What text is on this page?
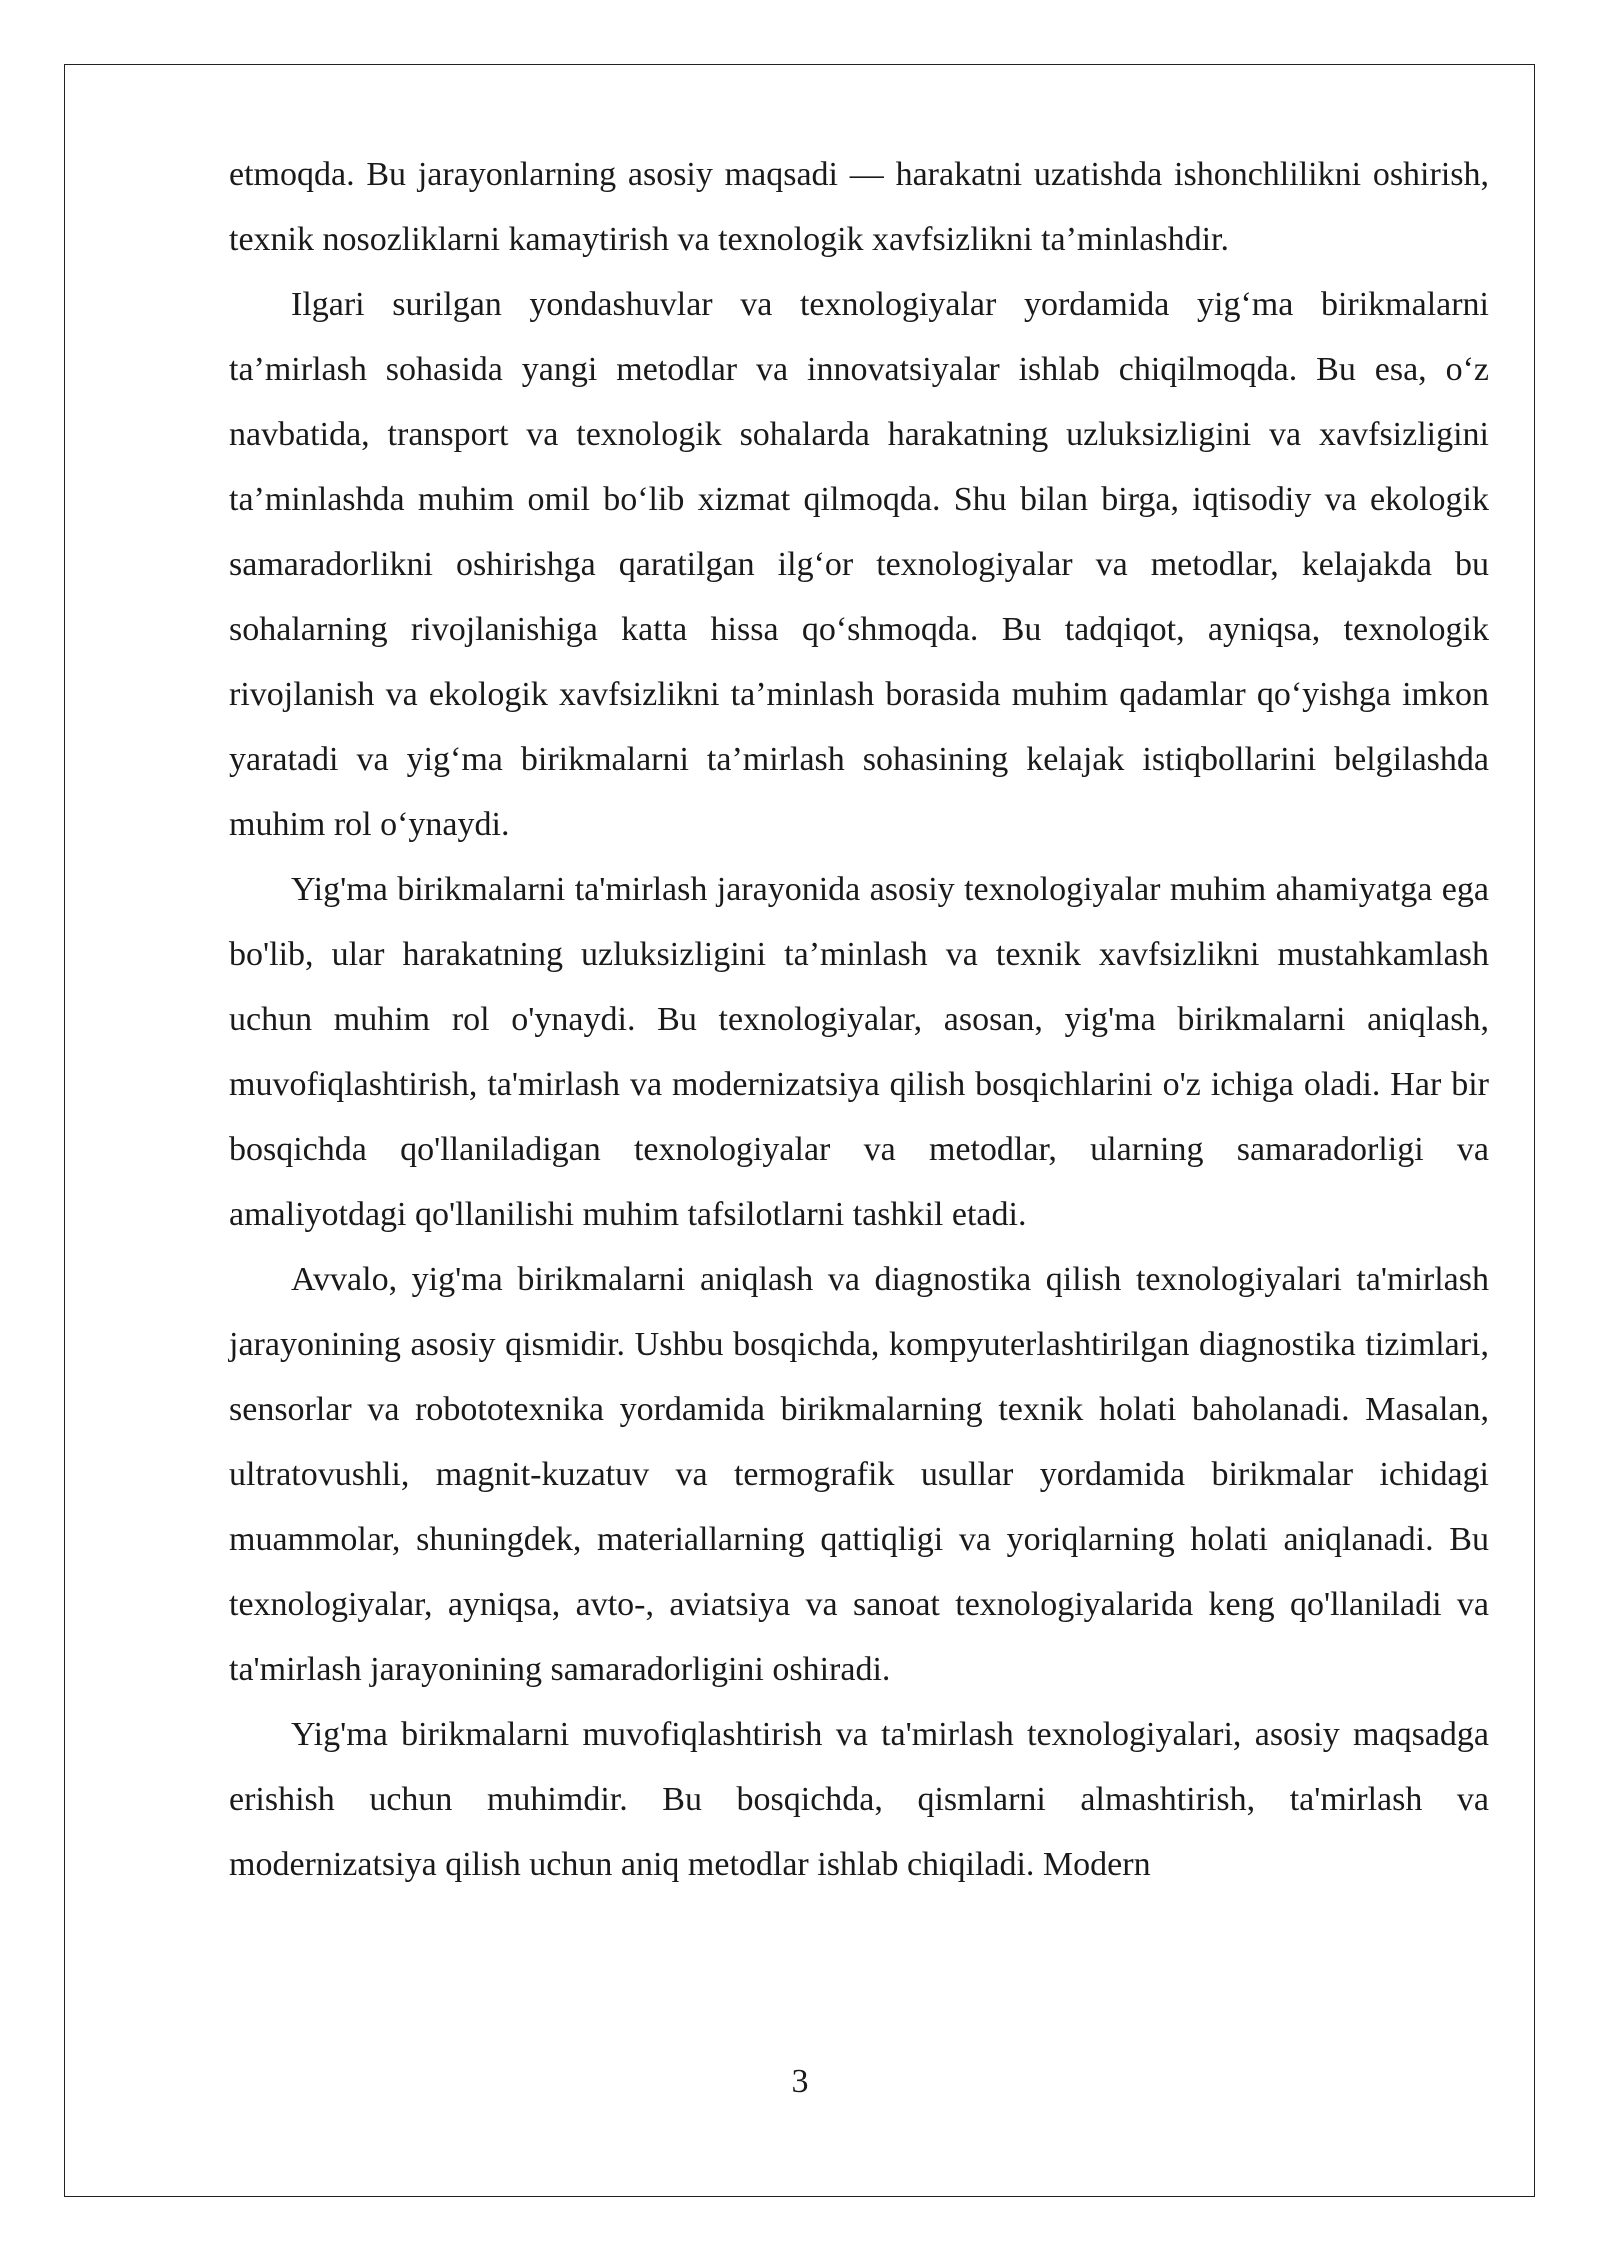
etmoqda. Bu jarayonlarning asosiy maqsadi — harakatni uzatishda ishonchlilikni oshirish, texnik nosozliklarni kamaytirish va texnologik xavfsizlikni ta’minlashdir.

Ilgari surilgan yondashuvlar va texnologiyalar yordamida yig‘ma birikmalarni ta’mirlash sohasida yangi metodlar va innovatsiyalar ishlab chiqilmoqda. Bu esa, o‘z navbatida, transport va texnologik sohalarda harakatning uzluksizligini va xavfsizligini ta’minlashda muhim omil bo‘lib xizmat qilmoqda. Shu bilan birga, iqtisodiy va ekologik samaradorlikni oshirishga qaratilgan ilg‘or texnologiyalar va metodlar, kelajakda bu sohalarning rivojlanishiga katta hissa qo‘shmoqda. Bu tadqiqot, ayniqsa, texnologik rivojlanish va ekologik xavfsizlikni ta’minlash borasida muhim qadamlar qo‘yishga imkon yaratadi va yig‘ma birikmalarni ta’mirlash sohasining kelajak istiqbollarini belgilashda muhim rol o‘ynaydi.

Yig'ma birikmalarni ta'mirlash jarayonida asosiy texnologiyalar muhim ahamiyatga ega bo'lib, ular harakatning uzluksizligini ta’minlash va texnik xavfsizlikni mustahkamlash uchun muhim rol o'ynaydi. Bu texnologiyalar, asosan, yig'ma birikmalarni aniqlash, muvofiqlashtirish, ta'mirlash va modernizatsiya qilish bosqichlarini o'z ichiga oladi. Har bir bosqichda qo'llaniladigan texnologiyalar va metodlar, ularning samaradorligi va amaliyotdagi qo'llanilishi muhim tafsilotlarni tashkil etadi.

Avvalo, yig'ma birikmalarni aniqlash va diagnostika qilish texnologiyalari ta'mirlash jarayonining asosiy qismidir. Ushbu bosqichda, kompyuterlashtirilgan diagnostika tizimlari, sensorlar va robototexnika yordamida birikmalarning texnik holati baholanadi. Masalan, ultratovushli, magnit-kuzatuv va termografik usullar yordamida birikmalar ichidagi muammolar, shuningdek, materiallarning qattiqligi va yoriqlarning holati aniqlanadi. Bu texnologiyalar, ayniqsa, avto-, aviatsiya va sanoat texnologiyalarida keng qo'llaniladi va ta'mirlash jarayonining samaradorligini oshiradi.

Yig'ma birikmalarni muvofiqlashtirish va ta'mirlash texnologiyalari, asosiy maqsadga erishish uchun muhimdir. Bu bosqichda, qismlarni almashtirish, ta'mirlash va modernizatsiya qilish uchun aniq metodlar ishlab chiqiladi. Modern

3
